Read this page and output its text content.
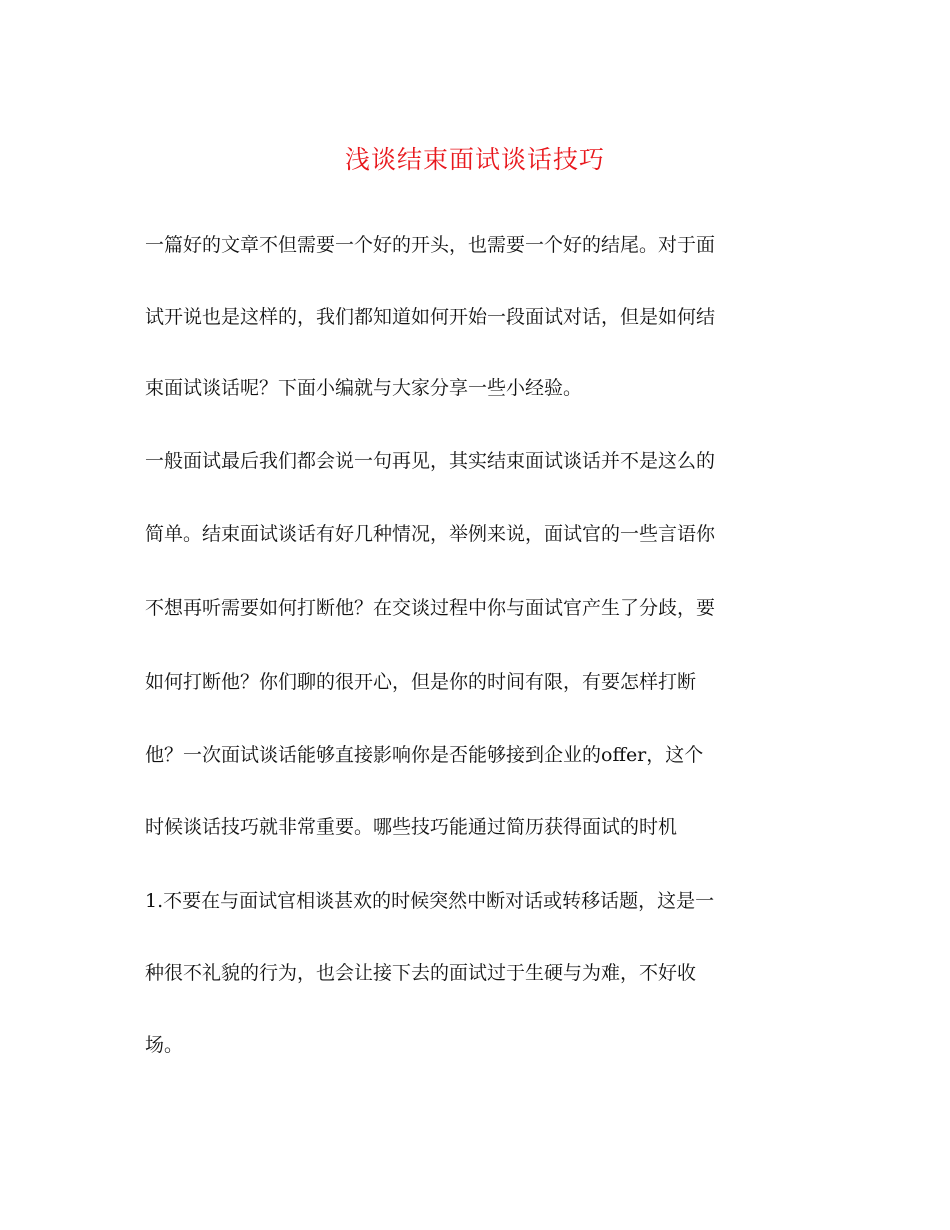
浅谈结束面试谈话技巧
一篇好的文章不但需要一个好的开头，也需要一个好的结尾。对于面
试开说也是这样的，我们都知道如何开始一段面试对话，但是如何结
束面试谈话呢？下面小编就与大家分享一些小经验。
一般面试最后我们都会说一句再见，其实结束面试谈话并不是这么的
简单。结束面试谈话有好几种情况，举例来说，面试官的一些言语你
不想再听需要如何打断他？在交谈过程中你与面试官产生了分歧，要
如何打断他？你们聊的很开心，但是你的时间有限，有要怎样打断
他？一次面试谈话能够直接影响你是否能够接到企业的offer，这个
时候谈话技巧就非常重要。哪些技巧能通过简历获得面试的时机
1.不要在与面试官相谈甚欢的时候突然中断对话或转移话题，这是一
种很不礼貌的行为，也会让接下去的面试过于生硬与为难，不好收
场。
